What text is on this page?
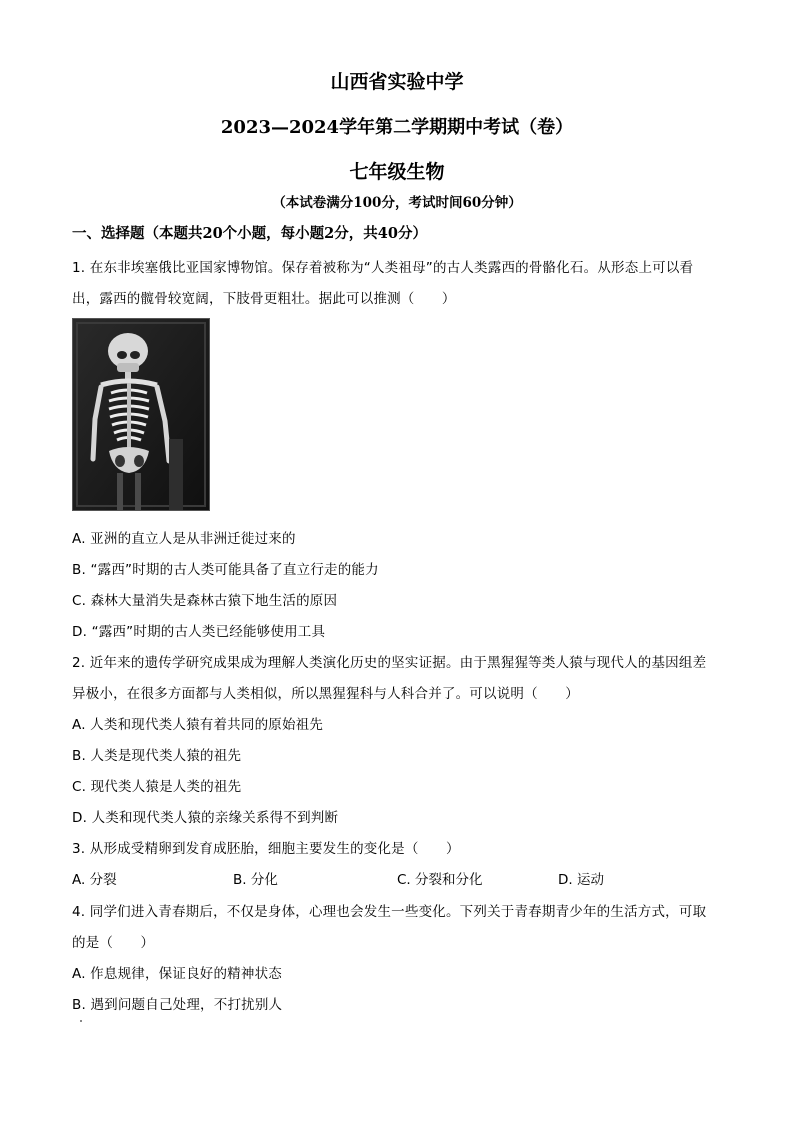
山西省实验中学
2023—2024学年第二学期期中考试（卷）
七年级生物
（本试卷满分100分，考试时间60分钟）
一、选择题（本题共20个小题，每小题2分，共40分）
1. 在东非埃塞俄比亚国家博物馆。保存着被称为“人类祖母”的古人类露西的骨骼化石。从形态上可以看
出，露西的髋骨较宽阔，下肢骨更粗壮。据此可以推测（　　）
A. 亚洲的直立人是从非洲迁徙过来的
B. “露西”时期的古人类可能具备了直立行走的能力
C. 森林大量消失是森林古猿下地生活的原因
D. “露西”时期的古人类已经能够使用工具
2. 近年来的遗传学研究成果成为理解人类演化历史的坚实证据。由于黑猩猩等类人猿与现代人的基因组差
异极小，在很多方面都与人类相似，所以黑猩猩科与人科合并了。可以说明（　　）
A. 人类和现代类人猿有着共同的原始祖先
B. 人类是现代类人猿的祖先
C. 现代类人猿是人类的祖先
D. 人类和现代类人猿的亲缘关系得不到判断
3. 从形成受精卵到发育成胚胎，细胞主要发生的变化是（　　）
A. 分裂	B. 分化	C. 分裂和分化	D. 运动
4. 同学们进入青春期后，不仅是身体，心理也会发生一些变化。下列关于青春期青少年的生活方式，可取
的是（　　）
A. 作息规律，保证良好的精神状态
B. 遇到问题自己处理，不打扰别人
